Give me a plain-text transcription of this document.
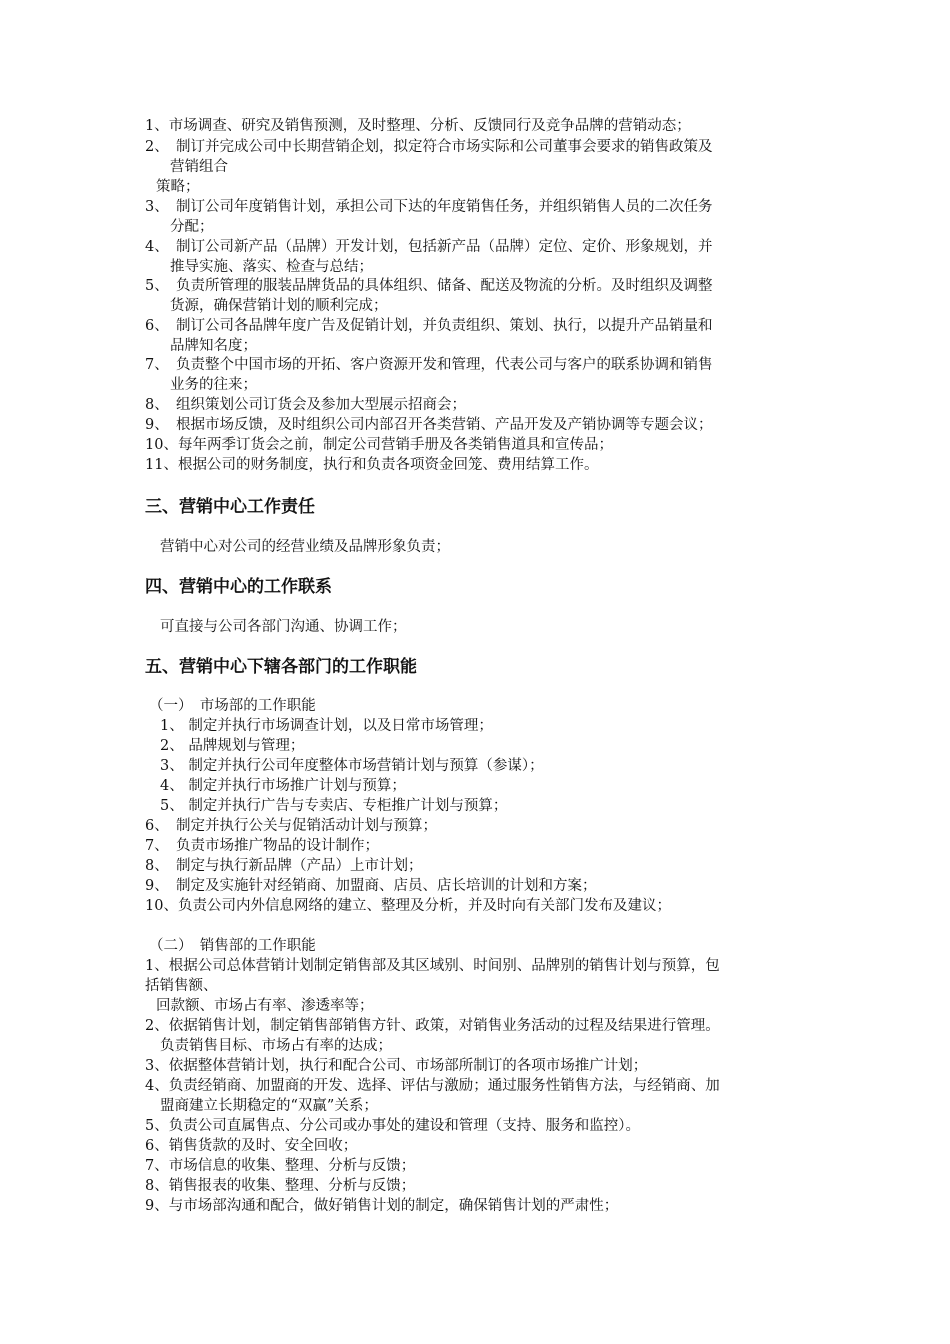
1、市场调查、研究及销售预测，及时整理、分析、反馈同行及竞争品牌的营销动态；

2、　制订并完成公司中长期营销企划，拟定符合市场实际和公司董事会要求的销售政策及

营销组合

策略；

3、　制订公司年度销售计划，承担公司下达的年度销售任务，并组织销售人员的二次任务

分配；

4、　制订公司新产品（品牌）开发计划，包括新产品（品牌）定位、定价、形象规划，并

推导实施、落实、检查与总结；

5、　负责所管理的服装品牌货品的具体组织、储备、配送及物流的分析。及时组织及调整

货源，确保营销计划的顺利完成；

6、　制订公司各品牌年度广告及促销计划，并负责组织、策划、执行，以提升产品销量和

品牌知名度；

7、　负责整个中国市场的开拓、客户资源开发和管理，代表公司与客户的联系协调和销售

业务的往来；

8、　组织策划公司订货会及参加大型展示招商会；

9、　根据市场反馈，及时组织公司内部召开各类营销、产品开发及产销协调等专题会议；

10、每年两季订货会之前，制定公司营销手册及各类销售道具和宣传品；

11、根据公司的财务制度，执行和负责各项资金回笼、费用结算工作。

三、营销中心工作责任

营销中心对公司的经营业绩及品牌形象负责；

四、营销中心的工作联系

可直接与公司各部门沟通、协调工作；

五、营销中心下辖各部门的工作职能

（一）　市场部的工作职能

1、 制定并执行市场调查计划，以及日常市场管理；

2、 品牌规划与管理；

3、 制定并执行公司年度整体市场营销计划与预算（参谋）；

4、 制定并执行市场推广计划与预算；

5、 制定并执行广告与专卖店、专柜推广计划与预算；

6、　制定并执行公关与促销活动计划与预算；

7、　负责市场推广物品的设计制作；

8、　制定与执行新品牌（产品）上市计划；

9、　制定及实施针对经销商、加盟商、店员、店长培训的计划和方案；

10、负责公司内外信息网络的建立、整理及分析，并及时向有关部门发布及建议；

（二）　销售部的工作职能

1、根据公司总体营销计划制定销售部及其区域别、时间别、品牌别的销售计划与预算，包

括销售额、

回款额、市场占有率、渗透率等；

2、依据销售计划，制定销售部销售方针、政策，对销售业务活动的过程及结果进行管理。

负责销售目标、市场占有率的达成；

3、依据整体营销计划，执行和配合公司、市场部所制订的各项市场推广计划；

4、负责经销商、加盟商的开发、选择、评估与激励；通过服务性销售方法，与经销商、加

盟商建立长期稳定的“双赢”关系；

5、负责公司直属售点、分公司或办事处的建设和管理（支持、服务和监控）。

6、销售货款的及时、安全回收；

7、市场信息的收集、整理、分析与反馈；

8、销售报表的收集、整理、分析与反馈；

9、与市场部沟通和配合，做好销售计划的制定，确保销售计划的严肃性；
